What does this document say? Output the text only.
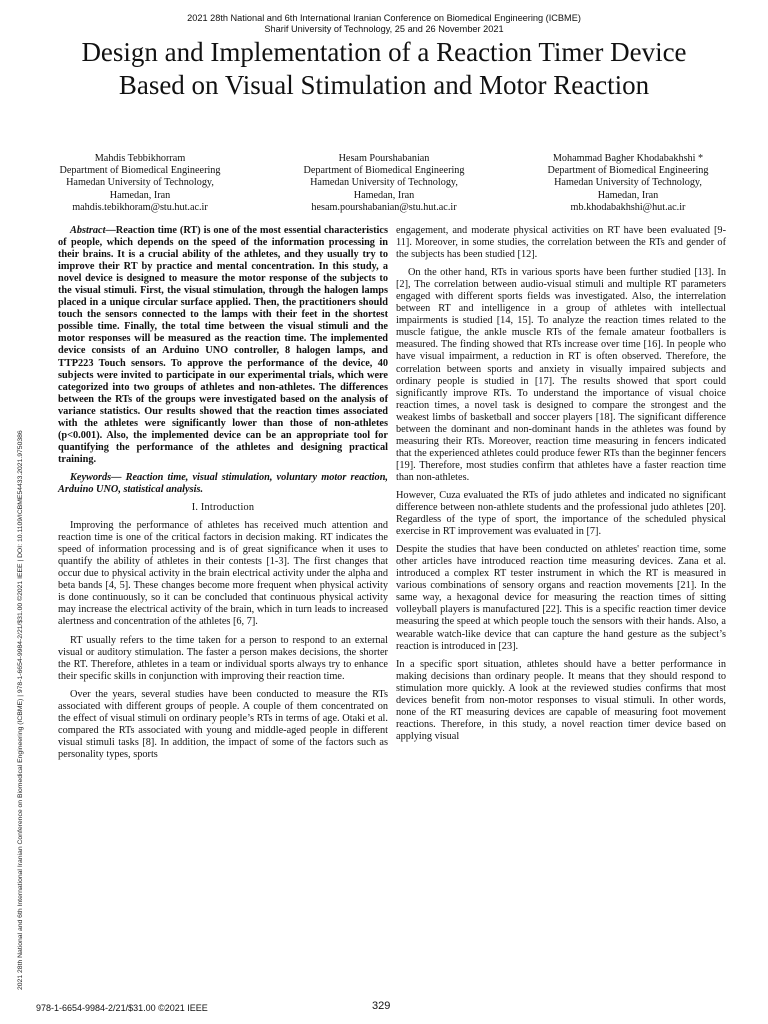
2021 28th National and 6th International Iranian Conference on Biomedical Engineering (ICBME)
Sharif University of Technology, 25 and 26 November 2021
Design and Implementation of a Reaction Timer Device Based on Visual Stimulation and Motor Reaction
Mahdis Tebbikhorram
Department of Biomedical Engineering
Hamedan University of Technology,
Hamedan, Iran
mahdis.tebikhoram@stu.hut.ac.ir
Hesam Pourshabanian
Department of Biomedical Engineering
Hamedan University of Technology,
Hamedan, Iran
hesam.pourshabanian@stu.hut.ac.ir
Mohammad Bagher Khodabakhshi *
Department of Biomedical Engineering
Hamedan University of Technology,
Hamedan, Iran
mb.khodabakhshi@hut.ac.ir
2021 28th National and 6th International Iranian Conference on Biomedical Engineering (ICBME) | 978-1-6654-9984-2/21/$31.00 ©2021 IEEE | DOI: 10.1109/ICBME54433.2021.9750386

Abstract—Reaction time (RT) is one of the most essential characteristics of people, which depends on the speed of the information processing in their brains. It is a crucial ability of the athletes, and they usually try to improve their RT by practice and mental concentration. In this study, a novel device is designed to measure the motor response of the subjects to the visual stimuli. First, the visual stimulation, through the halogen lamps placed in a unique circular surface applied. Then, the practitioners should touch the sensors connected to the lamps with their feet in the shortest possible time. Finally, the total time between the visual stimuli and the motor responses will be measured as the reaction time. The implemented device consists of an Arduino UNO controller, 8 halogen lamps, and TTP223 Touch sensors. To approve the performance of the device, 40 subjects were invited to participate in our experimental trials, which were categorized into two groups of athletes and non-athletes. The differences between the RTs of the groups were investigated based on the analysis of variance statistics. Our results showed that the reaction times associated with the athletes were significantly lower than those of non-athletes (p<0.001). Also, the implemented device can be an appropriate tool for quantifying the performance of the athletes and designing practical training.

Keywords— Reaction time, visual stimulation, voluntary motor reaction, Arduino UNO, statistical analysis.

I. Introduction

Improving the performance of athletes has received much attention and reaction time is one of the critical factors in decision making. RT indicates the speed of information processing and is of great significance when it uses to quantify the ability of athletes in their contests [1-3]. The first changes that occur due to physical activity in the brain electrical activity under the alpha and beta bands [4, 5]. These changes become more frequent when physical activity is done continuously, so it can be concluded that continuous physical activity may increase the electrical activity of the brain, which in turn leads to increased alertness and concentration of the athletes [6, 7].

RT usually refers to the time taken for a person to respond to an external visual or auditory stimulation. The faster a person makes decisions, the shorter the RT. Therefore, athletes in a team or individual sports always try to enhance their specific skills in conjunction with improving their reaction time.

Over the years, several studies have been conducted to measure the RTs associated with different groups of people. A couple of them concentrated on the effect of visual stimuli on ordinary people’s RTs in terms of age. Otaki et al. compared the RTs associated with young and middle-aged people in different visual stimuli tasks [8]. In addition, the impact of some of the factors such as personality types, sports

engagement, and moderate physical activities on RT have been evaluated [9-11]. Moreover, in some studies, the correlation between the RTs and gender of the subjects has been studied [12].

On the other hand, RTs in various sports have been further studied [13]. In [2], The correlation between audio-visual stimuli and multiple RT parameters engaged with different sports fields was investigated. Also, the interrelation between RT and intelligence in a group of athletes with intellectual impairments is studied [14, 15]. To analyze the reaction times related to the muscle fatigue, the ankle muscle RTs of the female amateur footballers is measured. The finding showed that RTs increase over time [16]. In people who have visual impairment, a reduction in RT is often observed. Therefore, the correlation between sports and anxiety in visually impaired subjects and ordinary people is studied in [17]. The results showed that sport could significantly improve RTs. To understand the importance of visual choice reaction times, a novel task is designed to compare the strongest and the weakest limbs of basketball and soccer players [18]. The significant difference between the dominant and non-dominant hands in the athletes was found by measuring their RTs. Moreover, reaction time measuring in fencers indicated that the experienced athletes could produce fewer RTs than the beginner fencers [19]. Therefore, most studies confirm that athletes have a faster reaction time than non-athletes.

However, Cuza evaluated the RTs of judo athletes and indicated no significant difference between non-athlete students and the professional judo athletes [20]. Regardless of the type of sport, the importance of the scheduled physical exercise in RT improvement was evaluated in [7].

Despite the studies that have been conducted on athletes' reaction time, some other articles have introduced reaction time measuring devices. Zana et al. introduced a complex RT tester instrument in which the RT is measured in various combinations of sensory organs and reaction movements [21]. In the same way, a hexagonal device for measuring the reaction times of sitting volleyball players is manufactured [22]. This is a specific reaction timer device measuring the speed at which people touch the sensors with their hands. Also, a wearable watch-like device that can capture the hand gesture as the subject’s reaction is introduced in [23].

In a specific sport situation, athletes should have a better performance in making decisions than ordinary people. It means that they should respond to stimulation more quickly. A look at the reviewed studies confirms that most devices benefit from non-motor responses to visual stimuli. In other words, none of the RT measuring devices are capable of measuring foot movement reactions. Therefore, in this study, a novel reaction timer device based on applying visual

978-1-6654-9984-2/21/$31.00 ©2021 IEEE	329
